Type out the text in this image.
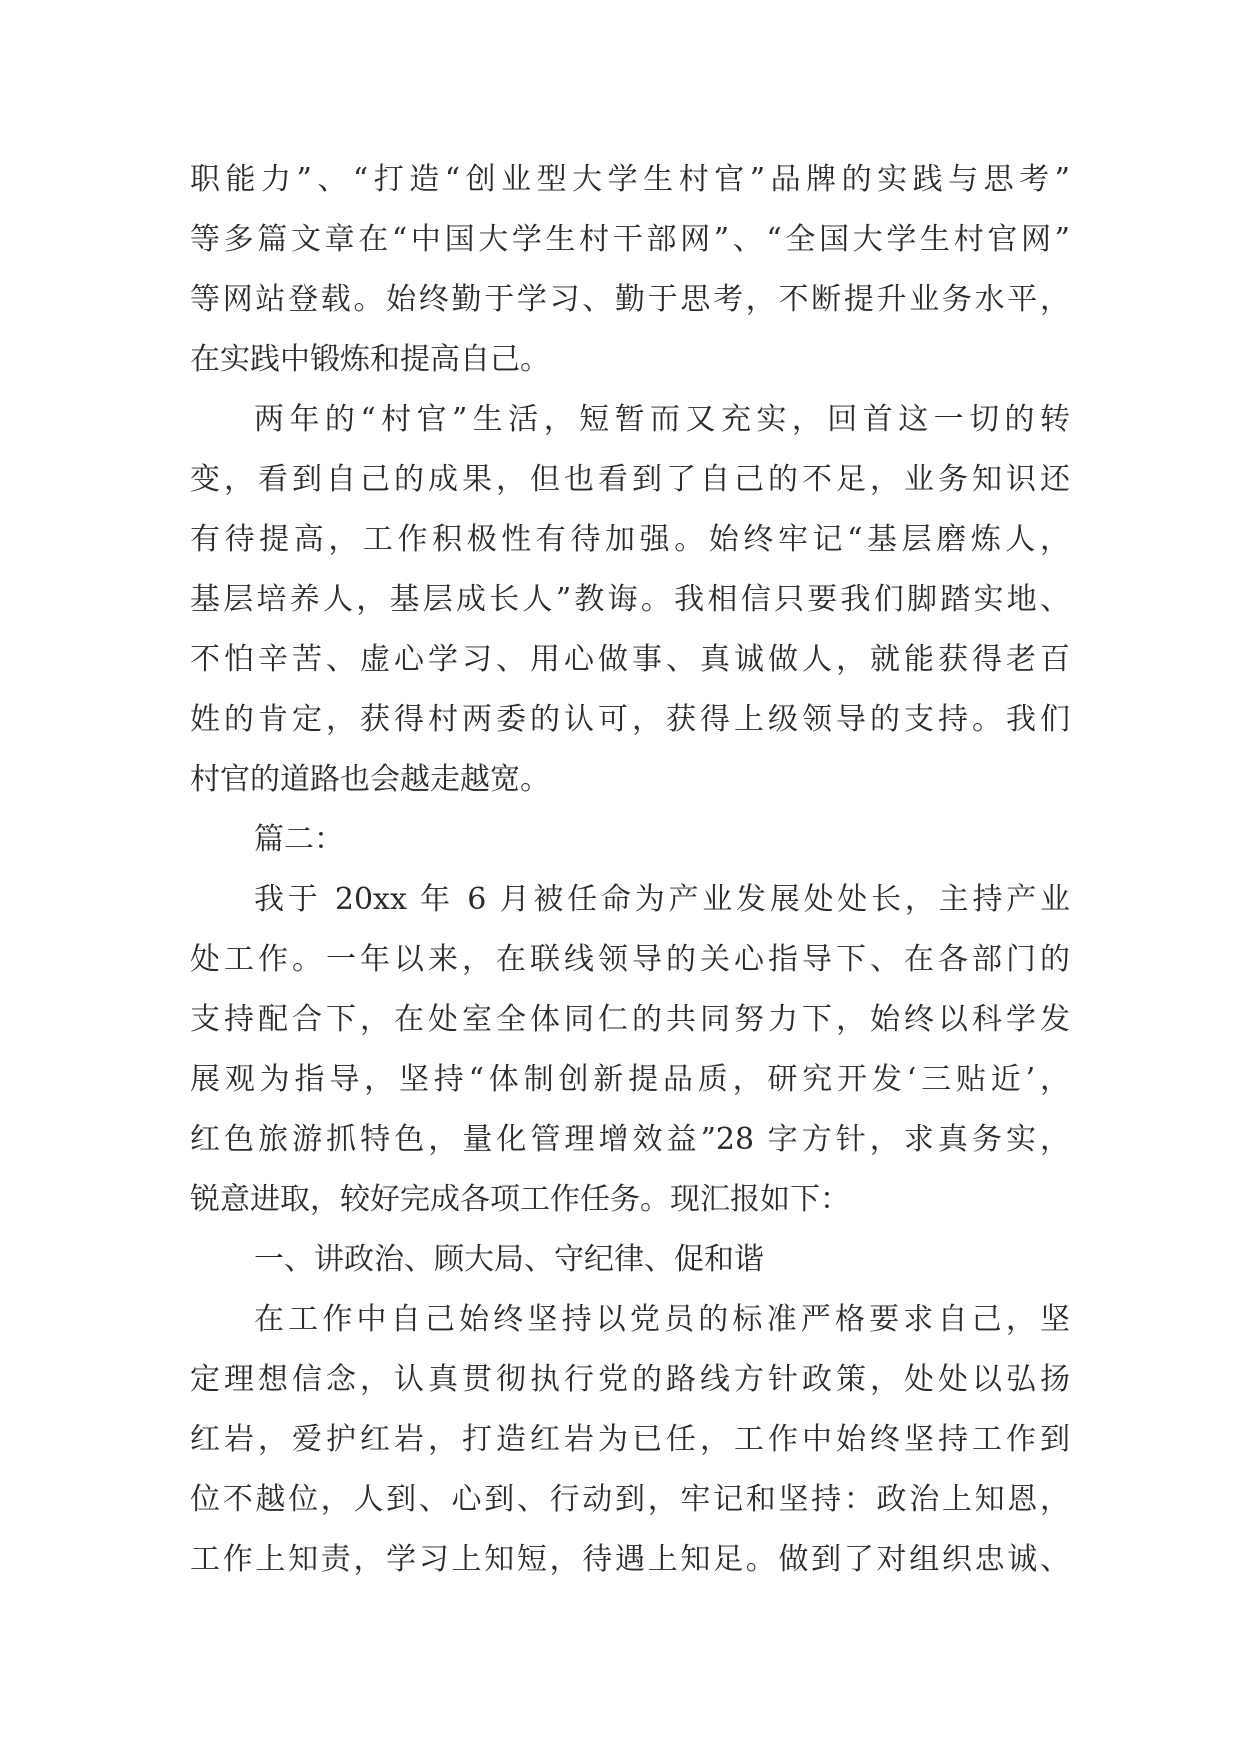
职能力”、“打造“创业型大学生村官”品牌的实践与思考”
等多篇文章在“中国大学生村干部网”、“全国大学生村官网”
等网站登载。始终勤于学习、勤于思考，不断提升业务水平，
在实践中锻炼和提高自己。
两年的“村官”生活，短暂而又充实，回首这一切的转
变，看到自己的成果，但也看到了自己的不足，业务知识还
有待提高，工作积极性有待加强。始终牢记“基层磨炼人，
基层培养人，基层成长人”教诲。我相信只要我们脚踏实地、
不怕辛苦、虚心学习、用心做事、真诚做人，就能获得老百
姓的肯定，获得村两委的认可，获得上级领导的支持。我们
村官的道路也会越走越宽。
篇二：
我于 20xx 年 6 月被任命为产业发展处处长，主持产业
处工作。一年以来，在联线领导的关心指导下、在各部门的
支持配合下，在处室全体同仁的共同努力下，始终以科学发
展观为指导，坚持“体制创新提品质，研究开发‘三贴近’，
红色旅游抓特色，量化管理增效益”28 字方针，求真务实，
锐意进取，较好完成各项工作任务。现汇报如下：
一、讲政治、顾大局、守纪律、促和谐
在工作中自己始终坚持以党员的标准严格要求自己，坚
定理想信念，认真贯彻执行党的路线方针政策，处处以弘扬
红岩，爱护红岩，打造红岩为已任，工作中始终坚持工作到
位不越位，人到、心到、行动到，牢记和坚持：政治上知恩，
工作上知责，学习上知短，待遇上知足。做到了对组织忠诚、
